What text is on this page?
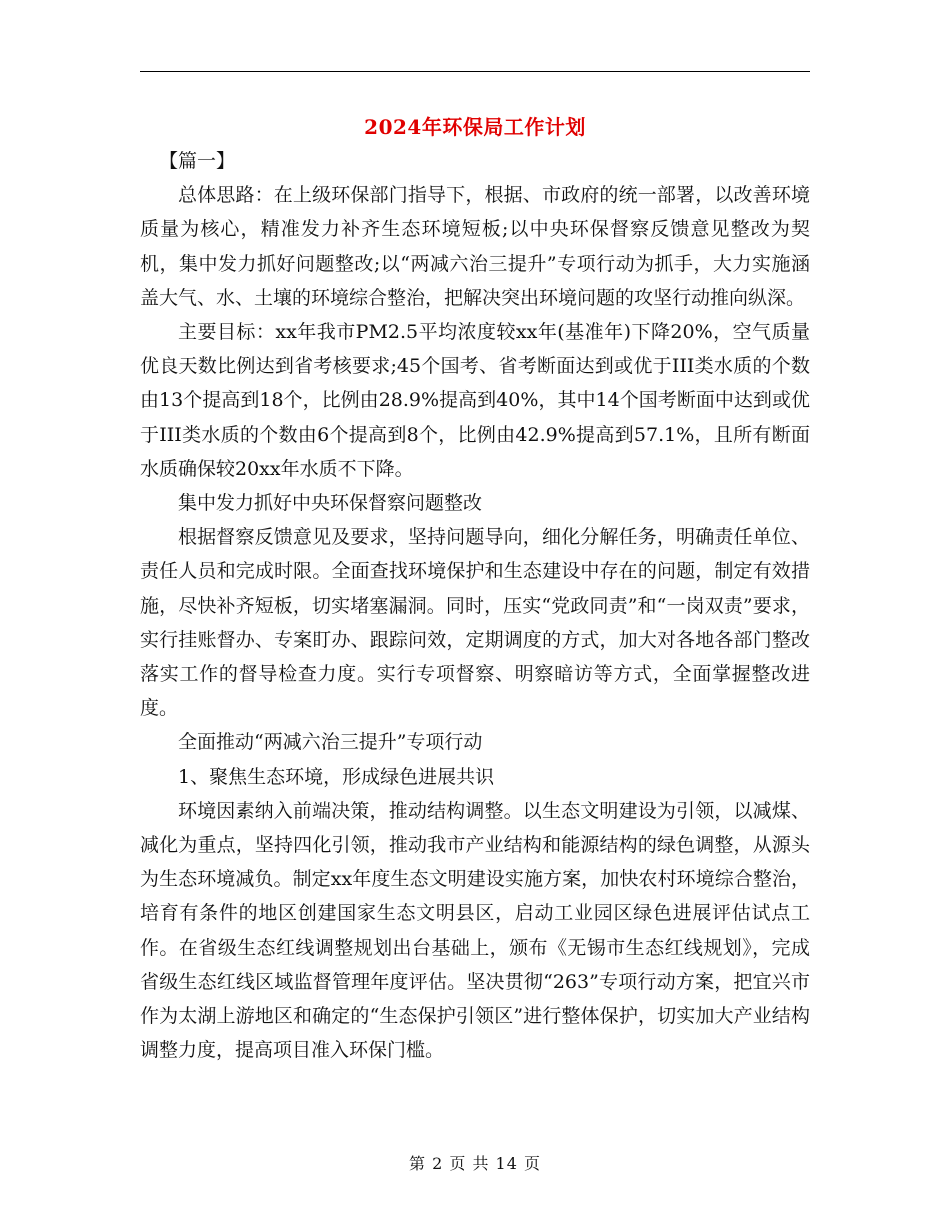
2024年环保局工作计划

【篇一】

总体思路：在上级环保部门指导下，根据、市政府的统一部署，以改善环境质量为核心，精准发力补齐生态环境短板;以中央环保督察反馈意见整改为契机，集中发力抓好问题整改;以“两减六治三提升”专项行动为抓手，大力实施涵盖大气、水、土壤的环境综合整治，把解决突出环境问题的攻坚行动推向纵深。

主要目标：xx年我市PM2.5平均浓度较xx年(基准年)下降20%，空气质量优良天数比例达到省考核要求;45个国考、省考断面达到或优于III类水质的个数由13个提高到18个，比例由28.9%提高到40%，其中14个国考断面中达到或优于III类水质的个数由6个提高到8个，比例由42.9%提高到57.1%，且所有断面水质确保较20xx年水质不下降。

集中发力抓好中央环保督察问题整改

根据督察反馈意见及要求，坚持问题导向，细化分解任务，明确责任单位、责任人员和完成时限。全面查找环境保护和生态建设中存在的问题，制定有效措施，尽快补齐短板，切实堵塞漏洞。同时，压实“党政同责”和“一岗双责”要求，实行挂账督办、专案盯办、跟踪问效，定期调度的方式，加大对各地各部门整改落实工作的督导检查力度。实行专项督察、明察暗访等方式，全面掌握整改进度。

全面推动“两减六治三提升”专项行动

1、聚焦生态环境，形成绿色进展共识

环境因素纳入前端决策，推动结构调整。以生态文明建设为引领，以减煤、减化为重点，坚持四化引领，推动我市产业结构和能源结构的绿色调整，从源头为生态环境减负。制定xx年度生态文明建设实施方案，加快农村环境综合整治，培育有条件的地区创建国家生态文明县区，启动工业园区绿色进展评估试点工作。在省级生态红线调整规划出台基础上，颁布《无锡市生态红线规划》，完成省级生态红线区域监督管理年度评估。坚决贯彻“263”专项行动方案，把宜兴市作为太湖上游地区和确定的“生态保护引领区”进行整体保护，切实加大产业结构调整力度，提高项目准入环保门槛。

第 2 页 共 14 页
